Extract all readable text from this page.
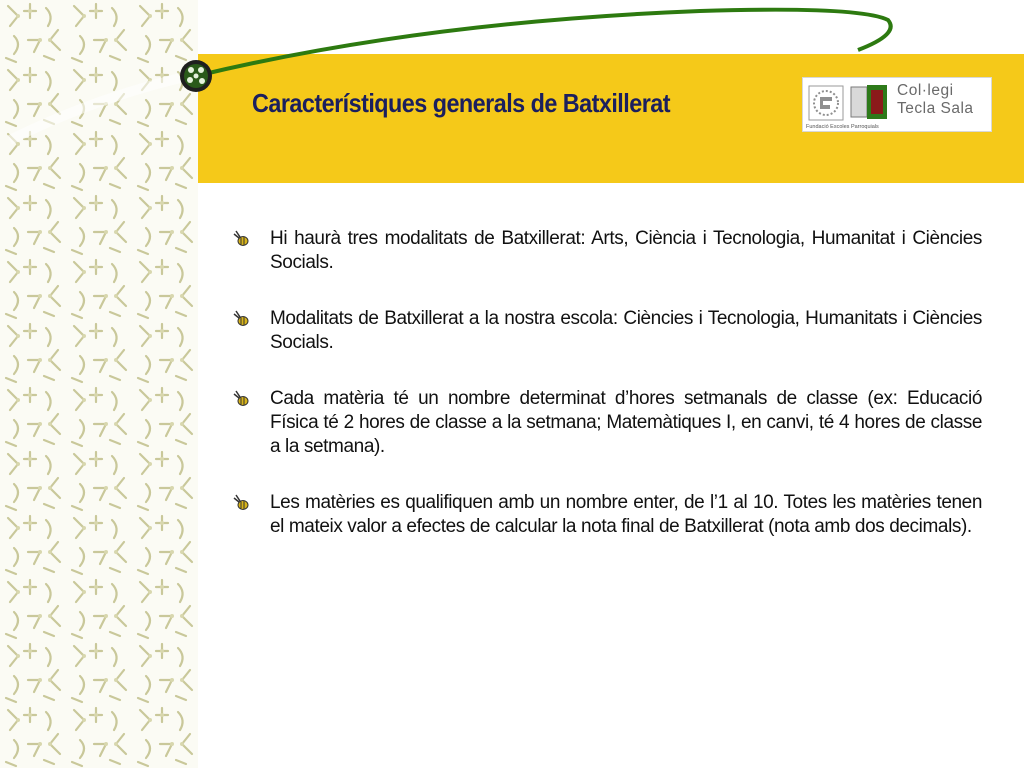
Característiques generals de Batxillerat	Col·legi
Tecla Sala
Fundació Escoles Parroquials
Hi haurà tres modalitats de Batxillerat: Arts, Ciència i Tecnologia, Humanitat i Ciències Socials.
Modalitats de Batxillerat a la nostra escola: Ciències i Tecnologia, Humanitats i Ciències Socials.
Cada matèria té un nombre determinat d’hores setmanals de classe (ex: Educació Física té 2 hores de classe a la setmana; Matemàtiques I, en canvi, té 4 hores de classe a la setmana).
Les matèries es qualifiquen amb un nombre enter, de l’1 al 10. Totes les matèries tenen el mateix valor a efectes de calcular la nota final de Batxillerat (nota amb dos decimals).
